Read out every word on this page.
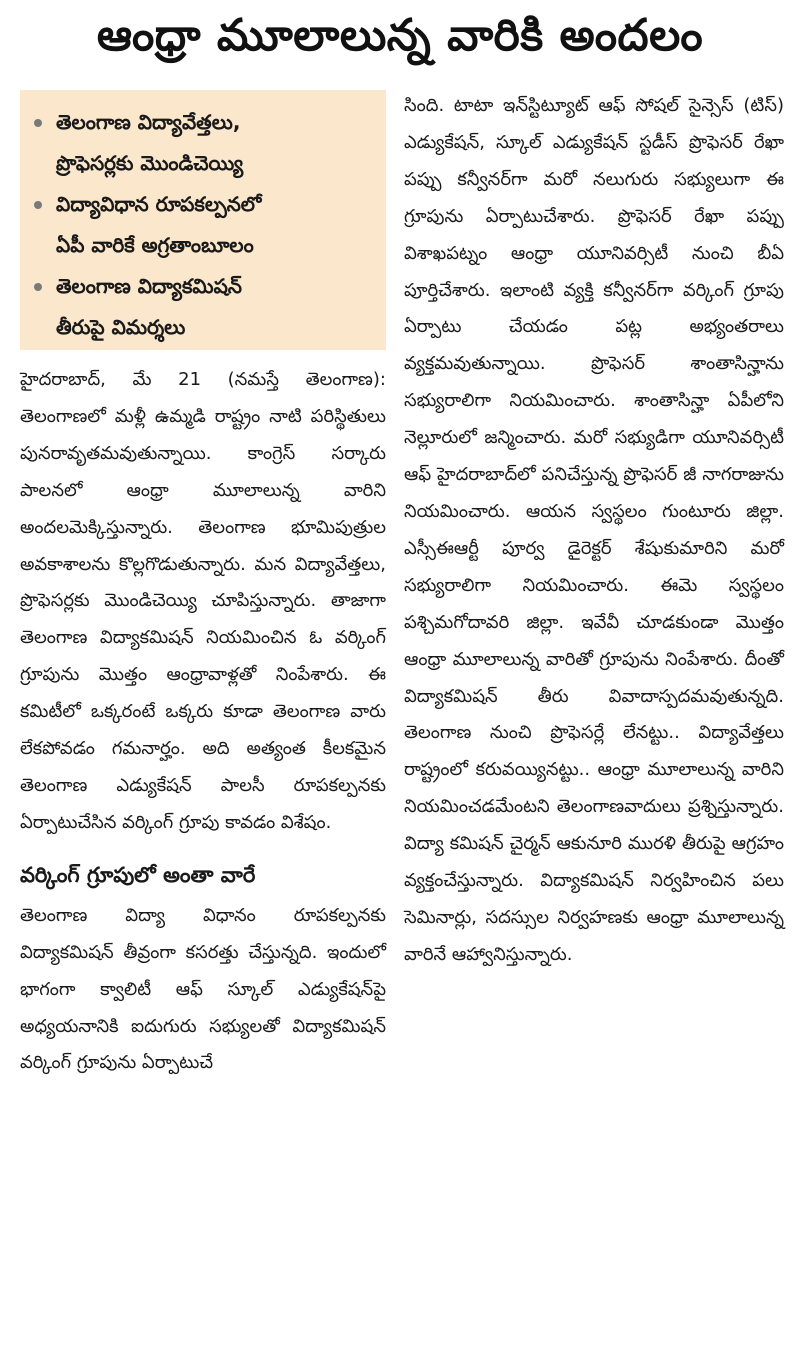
ఆంధ్రా మూలాలున్న వారికి అందలం
తెలంగాణ విద్యావేత్తలు,
ప్రొఫెసర్లకు మొండిచెయ్యి
విద్యావిధాన రూపకల్పనలో
ఏపీ వారికే అగ్రతాంబూలం
తెలంగాణ విద్యాకమిషన్
తీరుపై విమర్శలు
హైదరాబాద్, మే 21 (నమస్తే తెలంగాణ): తెలంగాణలో మళ్లీ ఉమ్మడి రాష్ట్రం నాటి పరిస్థితులు పునరావృతమవుతున్నాయి. కాంగ్రెస్ సర్కారు పాలనలో ఆంధ్రా మూలాలున్న వారిని అందలమెక్కిస్తున్నారు. తెలంగాణ భూమిపుత్రుల అవకాశాలను కొల్లగొడుతున్నారు. మన విద్యావేత్తలు, ప్రొఫెసర్లకు మొండిచెయ్యి చూపిస్తున్నారు. తాజాగా తెలంగాణ విద్యాకమిషన్ నియమించిన ఓ వర్కింగ్ గ్రూపును మొత్తం ఆంధ్రావాళ్లతో నింపేశారు. ఈ కమిటీలో ఒక్కరంటే ఒక్కరు కూడా తెలంగాణ వారు లేకపోవడం గమనార్హం. అది అత్యంత కీలకమైన తెలంగాణ ఎడ్యుకేషన్ పాలసీ రూపకల్పనకు ఏర్పాటుచేసిన వర్కింగ్ గ్రూపు కావడం విశేషం.
వర్కింగ్ గ్రూపులో అంతా వారే
తెలంగాణ విద్యా విధానం రూపకల్పనకు విద్యాకమిషన్ తీవ్రంగా కసరత్తు చేస్తున్నది. ఇందులో భాగంగా క్వాలిటీ ఆఫ్ స్కూల్ ఎడ్యుకేషన్‌పై అధ్యయనానికి ఐదుగురు సభ్యులతో విద్యాకమిషన్ వర్కింగ్ గ్రూపును ఏర్పాటుచే
సింది. టాటా ఇన్‌స్టిట్యూట్ ఆఫ్ సోషల్ సైన్సెస్ (టిస్) ఎడ్యుకేషన్, స్కూల్ ఎడ్యుకేషన్ స్టడీస్ ప్రొఫెసర్ రేఖా పప్పు కన్వీనర్‌గా మరో నలుగురు సభ్యులుగా ఈ గ్రూపును ఏర్పాటుచేశారు. ప్రొఫెసర్ రేఖా పప్పు విశాఖపట్నం ఆంధ్రా యూనివర్సిటీ నుంచి బీఏ పూర్తిచేశారు. ఇలాంటి వ్యక్తి కన్వీనర్‌గా వర్కింగ్ గ్రూపు ఏర్పాటు చేయడం పట్ల అభ్యంతరాలు వ్యక్తమవుతున్నాయి. ప్రొఫెసర్ శాంతాసిన్హాను సభ్యురాలిగా నియమించారు. శాంతాసిన్హా ఏపీలోని నెల్లూరులో జన్మించారు. మరో సభ్యుడిగా యూనివర్సిటీ ఆఫ్ హైదరాబాద్‌లో పనిచేస్తున్న ప్రొఫెసర్ జీ నాగరాజును నియమించారు. ఆయన స్వస్థలం గుంటూరు జిల్లా. ఎస్సీఈఆర్టీ పూర్వ డైరెక్టర్ శేషుకుమారిని మరో సభ్యురాలిగా నియమించారు. ఈమె స్వస్థలం పశ్చిమగోదావరి జిల్లా. ఇవేవీ చూడకుండా మొత్తం ఆంధ్రా మూలాలున్న వారితో గ్రూపును నింపేశారు. దీంతో విద్యాకమిషన్ తీరు వివాదాస్పదమవుతున్నది. తెలంగాణ నుంచి ప్రొఫెసర్లే లేనట్టు.. విద్యావేత్తలు రాష్ట్రంలో కరువయ్యినట్టు.. ఆంధ్రా మూలాలున్న వారిని నియమించడమేంటని తెలంగాణవాదులు ప్రశ్నిస్తున్నారు. విద్యా కమిషన్ చైర్మన్ ఆకునూరి మురళి తీరుపై ఆగ్రహం వ్యక్తంచేస్తున్నారు. విద్యాకమిషన్ నిర్వహించిన పలు సెమినార్లు, సదస్సుల నిర్వహణకు ఆంధ్రా మూలాలున్న వారినే ఆహ్వానిస్తున్నారు.
